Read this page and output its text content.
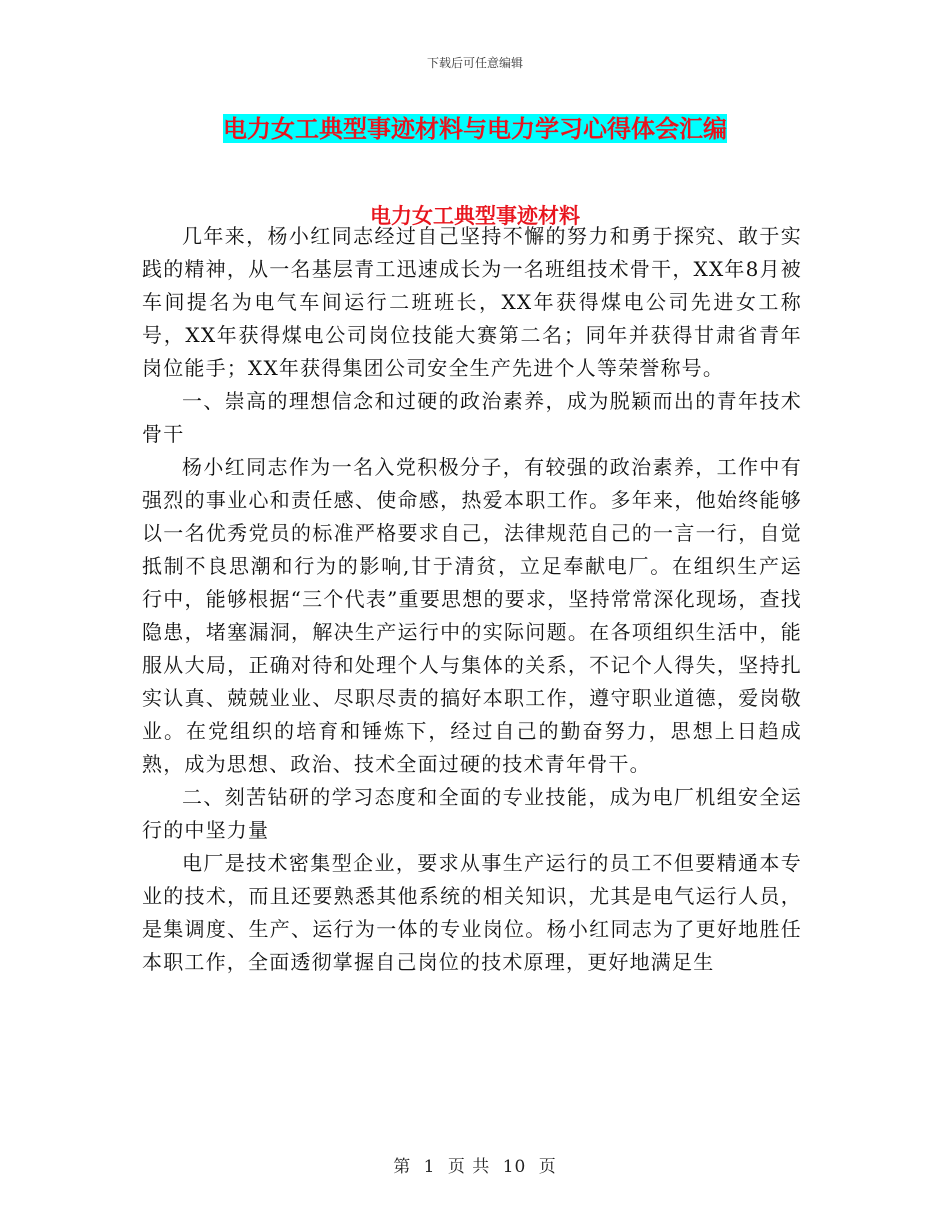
下载后可任意编辑
电力女工典型事迹材料与电力学习心得体会汇编
电力女工典型事迹材料

几年来，杨小红同志经过自己坚持不懈的努力和勇于探究、敢于实践的精神，从一名基层青工迅速成长为一名班组技术骨干，XX年8月被车间提名为电气车间运行二班班长，XX年获得煤电公司先进女工称号，XX年获得煤电公司岗位技能大赛第二名；同年并获得甘肃省青年岗位能手；XX年获得集团公司安全生产先进个人等荣誉称号。

一、崇高的理想信念和过硬的政治素养，成为脱颖而出的青年技术骨干

杨小红同志作为一名入党积极分子，有较强的政治素养，工作中有强烈的事业心和责任感、使命感，热爱本职工作。多年来，他始终能够以一名优秀党员的标准严格要求自己，法律规范自己的一言一行，自觉抵制不良思潮和行为的影响,甘于清贫，立足奉献电厂。在组织生产运行中，能够根据“三个代表”重要思想的要求，坚持常常深化现场，查找隐患，堵塞漏洞，解决生产运行中的实际问题。在各项组织生活中，能服从大局，正确对待和处理个人与集体的关系，不记个人得失，坚持扎实认真、兢兢业业、尽职尽责的搞好本职工作，遵守职业道德，爱岗敬业。在党组织的培育和锤炼下，经过自己的勤奋努力，思想上日趋成熟，成为思想、政治、技术全面过硬的技术青年骨干。

二、刻苦钻研的学习态度和全面的专业技能，成为电厂机组安全运行的中坚力量

电厂是技术密集型企业，要求从事生产运行的员工不但要精通本专业的技术，而且还要熟悉其他系统的相关知识，尤其是电气运行人员，是集调度、生产、运行为一体的专业岗位。杨小红同志为了更好地胜任本职工作，全面透彻掌握自己岗位的技术原理，更好地满足生

第 1 页 共 10 页
